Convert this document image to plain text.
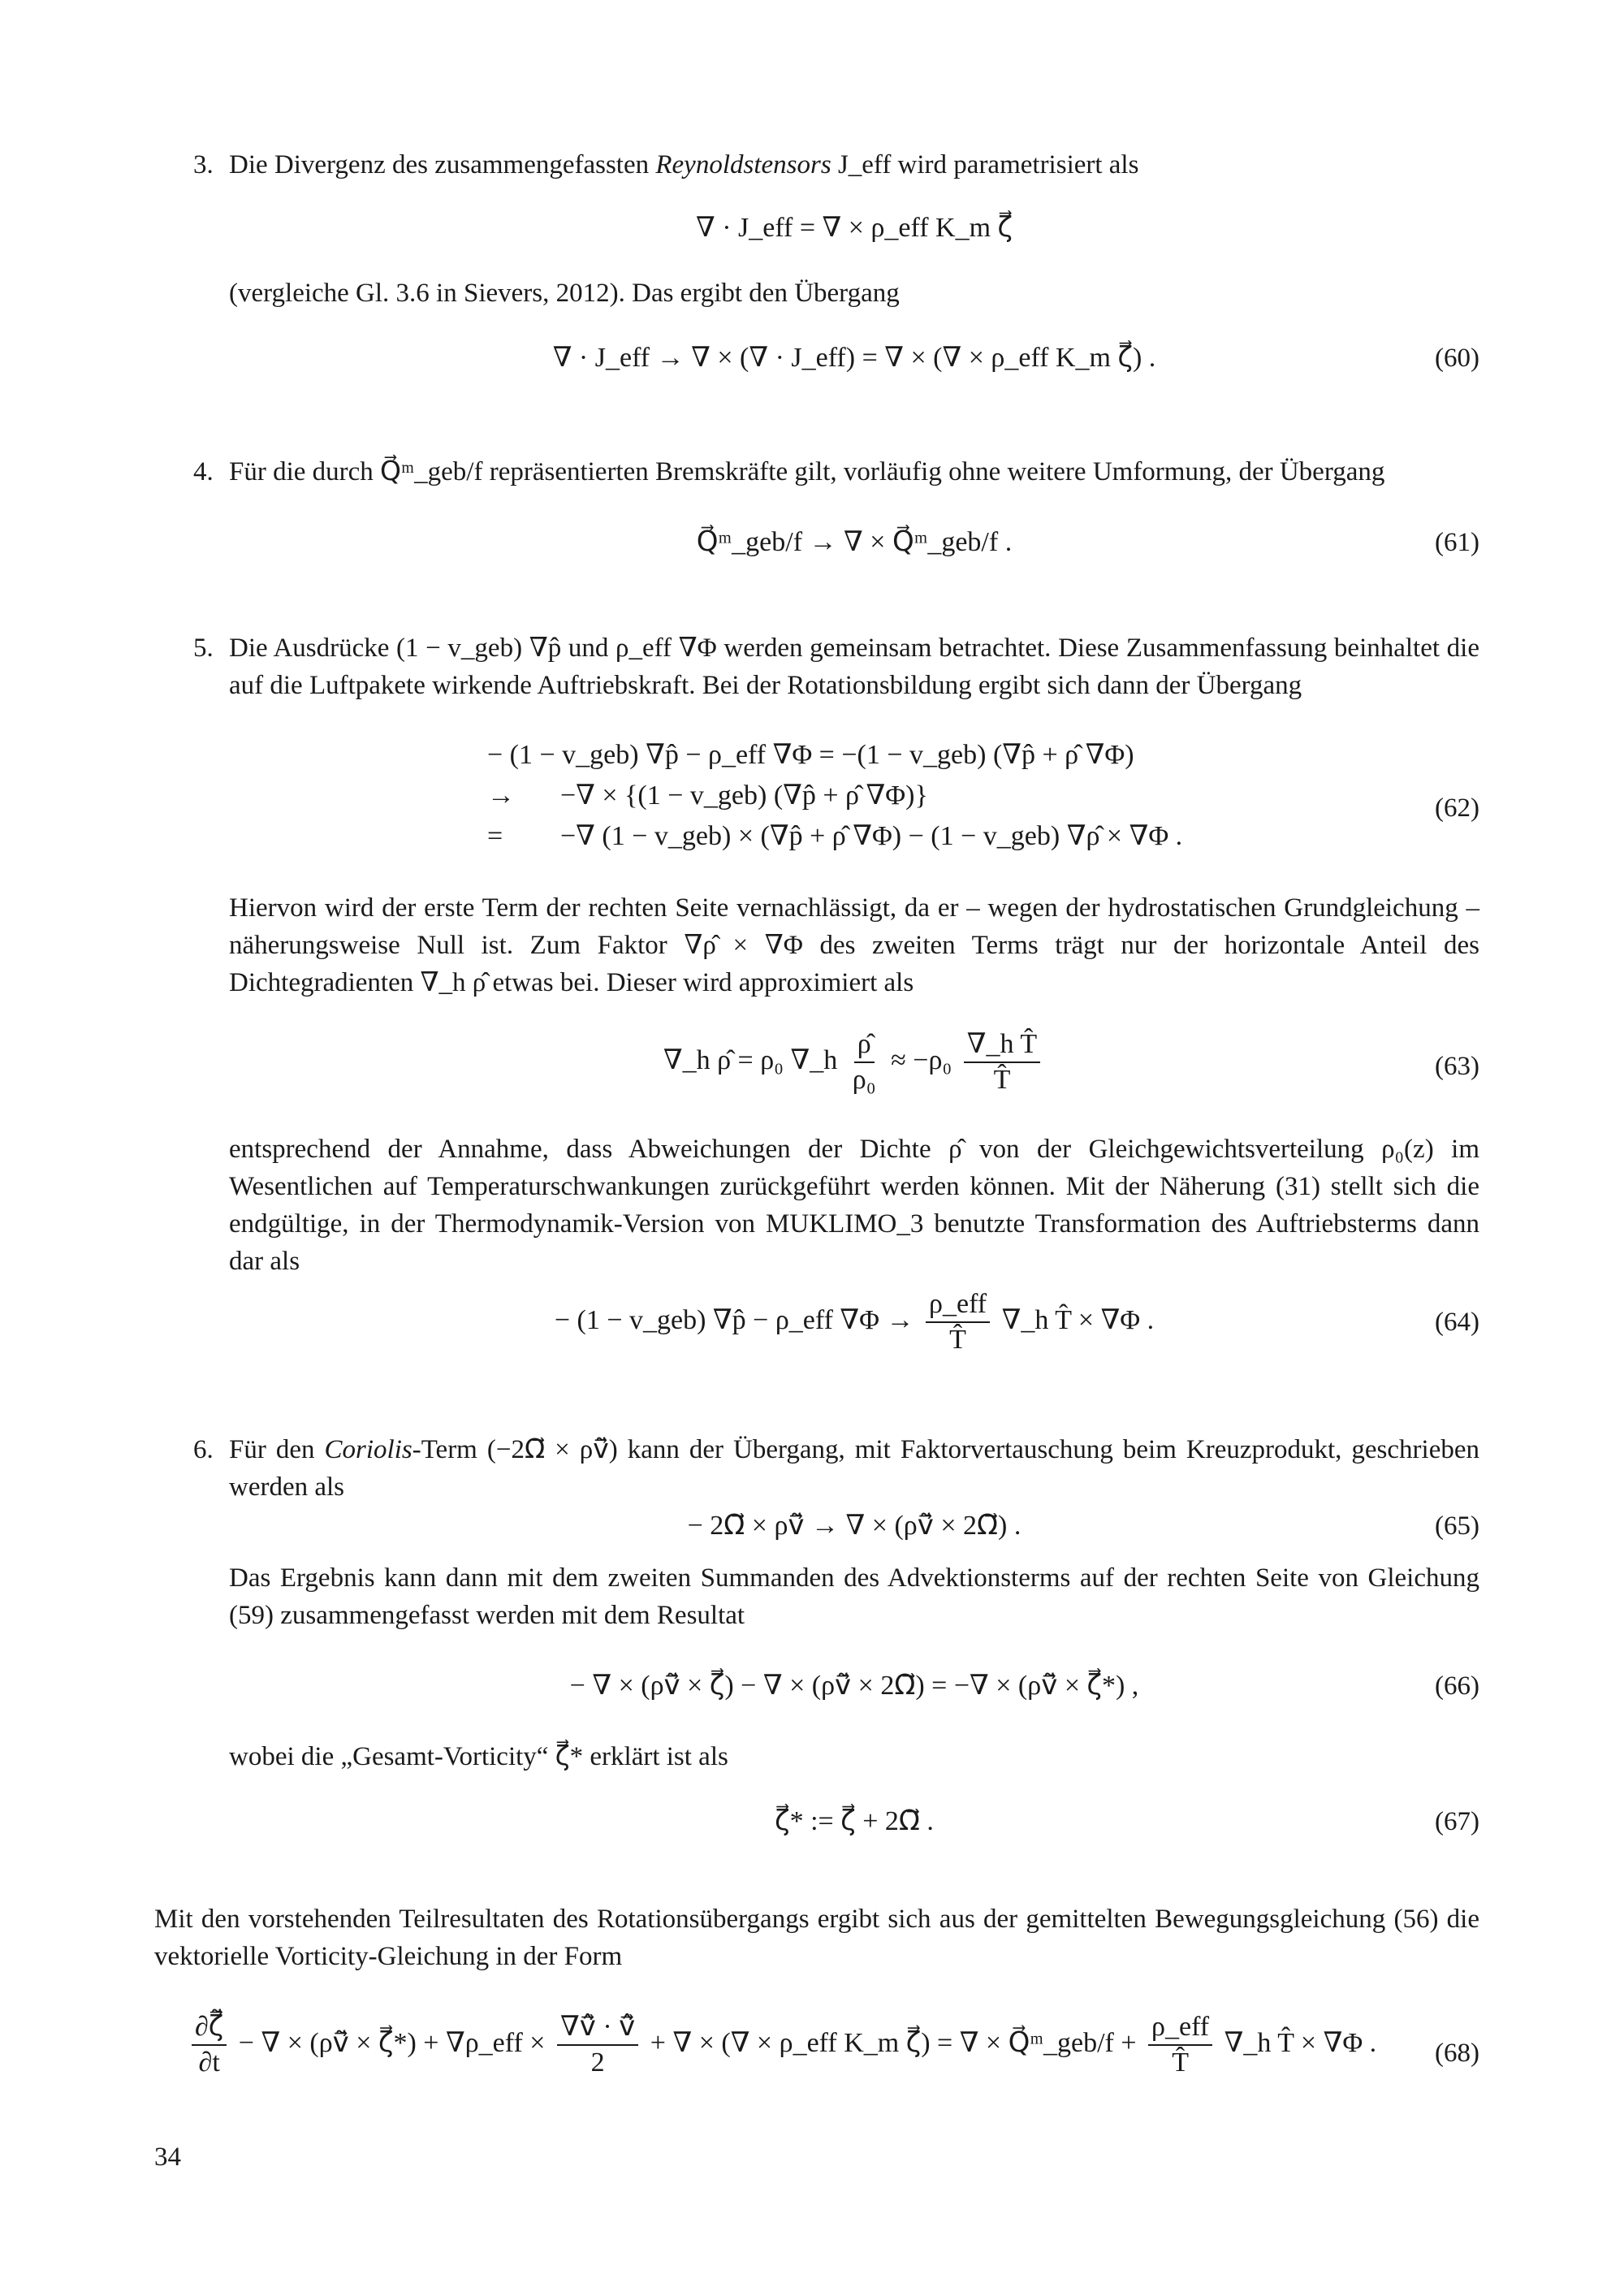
3. Die Divergenz des zusammengefassten Reynoldstensors J_eff wird parametrisiert als

∇ · J_eff = ∇ × ρ_eff K_m ζ⃗

(vergleiche Gl. 3.6 in Sievers, 2012). Das ergibt den Übergang

∇ · J_eff → ∇ × (∇ · J_eff) = ∇ × (∇ × ρ_eff K_m ζ⃗) .	(60)
4. Für die durch Q⃗ᵐ_geb/f repräsentierten Bremskräfte gilt, vorläufig ohne weitere Umformung, der Übergang

Q⃗ᵐ_geb/f → ∇ × Q⃗ᵐ_geb/f .	(61)
5. Die Ausdrücke (1 − v_geb) ∇p̂ und ρ_eff ∇Φ werden gemeinsam betrachtet. Diese Zusammenfassung beinhaltet die auf die Luftpakete wirkende Auftriebskraft. Bei der Rotationsbildung ergibt sich dann der Übergang

− (1 − v_geb) ∇p̂ − ρ_eff ∇Φ = −(1 − v_geb) (∇p̂ + ρ̂ ∇Φ)
→ −∇ × {(1 − v_geb) (∇p̂ + ρ̂ ∇Φ)}
= −∇ (1 − v_geb) × (∇p̂ + ρ̂ ∇Φ) − (1 − v_geb) ∇ρ̂ × ∇Φ .
(62)

Hiervon wird der erste Term der rechten Seite vernachlässigt, da er – wegen der hydrostatischen Grundgleichung – näherungsweise Null ist. Zum Faktor ∇ρ̂ × ∇Φ des zweiten Terms trägt nur der horizontale Anteil des Dichtegradienten ∇_h ρ̂ etwas bei. Dieser wird approximiert als

∇_h ρ̂ = ρ₀ ∇_h $\frac{\rhô}{\text{ρ₀}} \approx -\rho_0 \frac{\text{∇\_h T̂}}{T̂}$	(63)

entsprechend der Annahme, dass Abweichungen der Dichte ρ̂ von der Gleichgewichtsverteilung ρ₀(z) im Wesentlichen auf Temperaturschwankungen zurückgeführt werden können. Mit der Näherung (31) stellt sich die endgültige, in der Thermodynamik-Version von MUKLIMO_3 benutzte Transformation des Auftriebsterms dann dar als

− (1 − v_geb) ∇p̂ − ρ_eff $\nabla\Phi \to \frac{\text{ρ\_eff}}{T̂}$ ∇_h T̂ × ∇Φ .	(64)
6. Für den Coriolis-Term (−2Ω⃗ × ρv⃗̃) kann der Übergang, mit Faktorvertauschung beim Kreuzprodukt, geschrieben werden als

− 2Ω⃗ × ρv⃗̃ → ∇ × (ρv⃗̃ × 2Ω⃗) .	(65)

Das Ergebnis kann dann mit dem zweiten Summanden des Advektionsterms auf der rechten Seite von Gleichung (59) zusammengefasst werden mit dem Resultat

− ∇ × (ρv⃗̃ × ζ⃗) − ∇ × (ρv⃗̃ × 2Ω⃗) = −∇ × (ρv⃗̃ × ζ⃗*) ,	(66)

wobei die „Gesamt-Vorticity“ ζ⃗* erklärt ist als

ζ⃗* := ζ⃗ + 2Ω⃗ .	(67)

Mit den vorstehenden Teilresultaten des Rotationsübergangs ergibt sich aus der gemittelten Bewegungsgleichung (56) die vektorielle Vorticity-Gleichung in der Form

$\frac{\partial\zeta⃗̃}{\partial t}$ − ∇ × (ρv⃗̃ × ζ⃗*) + ∇ρ_eff × $\frac{\nabla v⃗̂ \cdot v⃗̂}{2}$ + ∇ × (∇ × ρ_eff K_m ζ⃗) = ∇ × Q⃗ᵐ_geb/f + $\frac{\text{ρ\_eff}}{T̂}$ ∇_h T̂ × ∇Φ .	(68)
34
